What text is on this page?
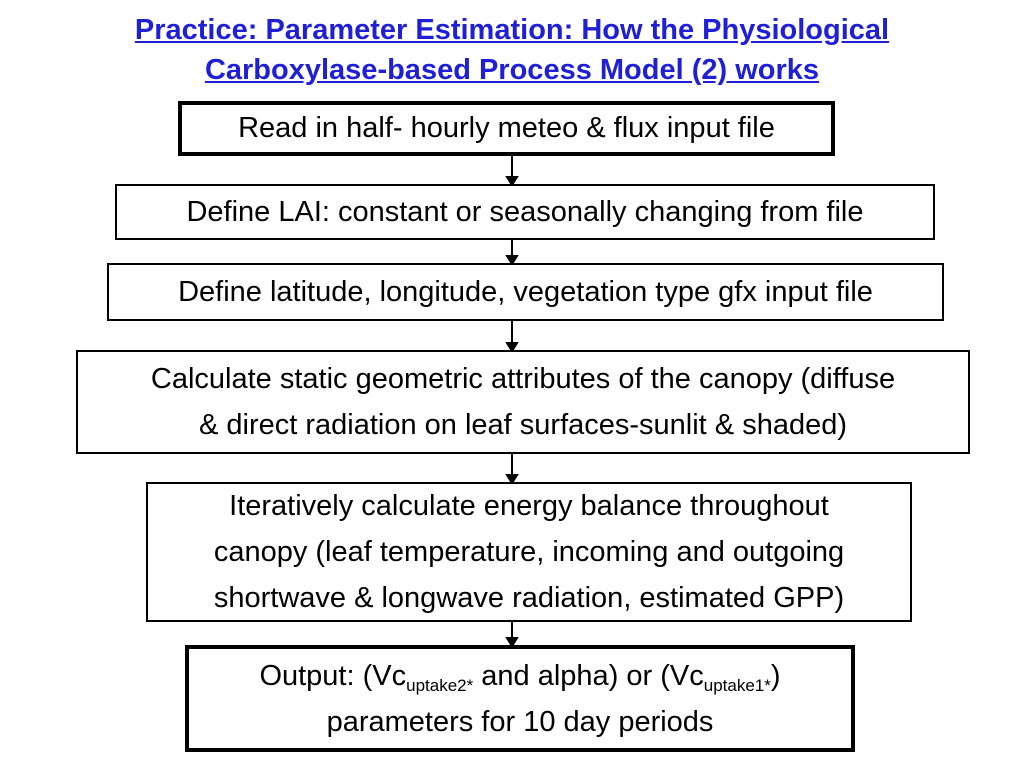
Practice: Parameter Estimation: How the Physiological
Carboxylase-based Process Model (2) works
Read in half- hourly meteo & flux input file
Define LAI: constant or seasonally changing from file
Define latitude, longitude, vegetation type gfx input file
Calculate static geometric attributes of the canopy (diffuse
& direct radiation on leaf surfaces-sunlit & shaded)
Iteratively calculate energy balance throughout
canopy (leaf temperature, incoming and outgoing
shortwave & longwave radiation, estimated GPP)
Output: ($Vc_{uptake2*}$ and alpha) or $(Vc_{uptake1*})$
parameters for 10 day periods
